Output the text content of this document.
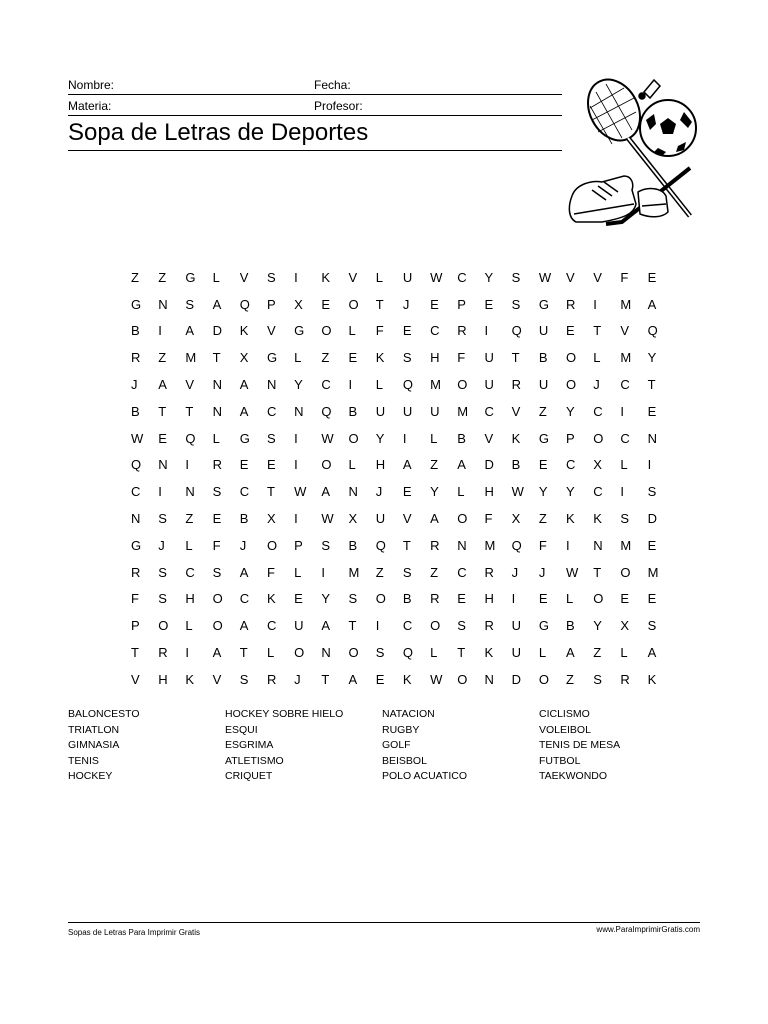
Nombre:	Fecha:
Materia:	Profesor:
Sopa de Letras de Deportes
Z	Z	G	L	V	S	I	K	V	L	U	W	C	Y	S	W	V	V	F	E
G	N	S	A	Q	P	X	E	O	T	J	E	P	E	S	G	R	I	M	A
B	I	A	D	K	V	G	O	L	F	E	C	R	I	Q	U	E	T	V	Q
R	Z	M	T	X	G	L	Z	E	K	S	H	F	U	T	B	O	L	M	Y
J	A	V	N	A	N	Y	C	I	L	Q	M	O	U	R	U	O	J	C	T
B	T	T	N	A	C	N	Q	B	U	U	U	M	C	V	Z	Y	C	I	E
W	E	Q	L	G	S	I	W	O	Y	I	L	B	V	K	G	P	O	C	N
Q	N	I	R	E	E	I	O	L	H	A	Z	A	D	B	E	C	X	L	I
C	I	N	S	C	T	W	A	N	J	E	Y	L	H	W	Y	Y	C	I	S
N	S	Z	E	B	X	I	W	X	U	V	A	O	F	X	Z	K	K	S	D
G	J	L	F	J	O	P	S	B	Q	T	R	N	M	Q	F	I	N	M	E
R	S	C	S	A	F	L	I	M	Z	S	Z	C	R	J	J	W	T	O	M
F	S	H	O	C	K	E	Y	S	O	B	R	E	H	I	E	L	O	E	E
P	O	L	O	A	C	U	A	T	I	C	O	S	R	U	G	B	Y	X	S
T	R	I	A	T	L	O	N	O	S	Q	L	T	K	U	L	A	Z	L	A
V	H	K	V	S	R	J	T	A	E	K	W	O	N	D	O	Z	S	R	K
BALONCESTO
TRIATLON
GIMNASIA
TENIS
HOCKEY
HOCKEY SOBRE HIELO
ESQUI
ESGRIMA
ATLETISMO
CRIQUET
NATACION
RUGBY
GOLF
BEISBOL
POLO ACUATICO
CICLISMO
VOLEIBOL
TENIS DE MESA
FUTBOL
TAEKWONDO
Sopas de Letras Para Imprimir Gratis	www.ParaImprimirGratis.com
